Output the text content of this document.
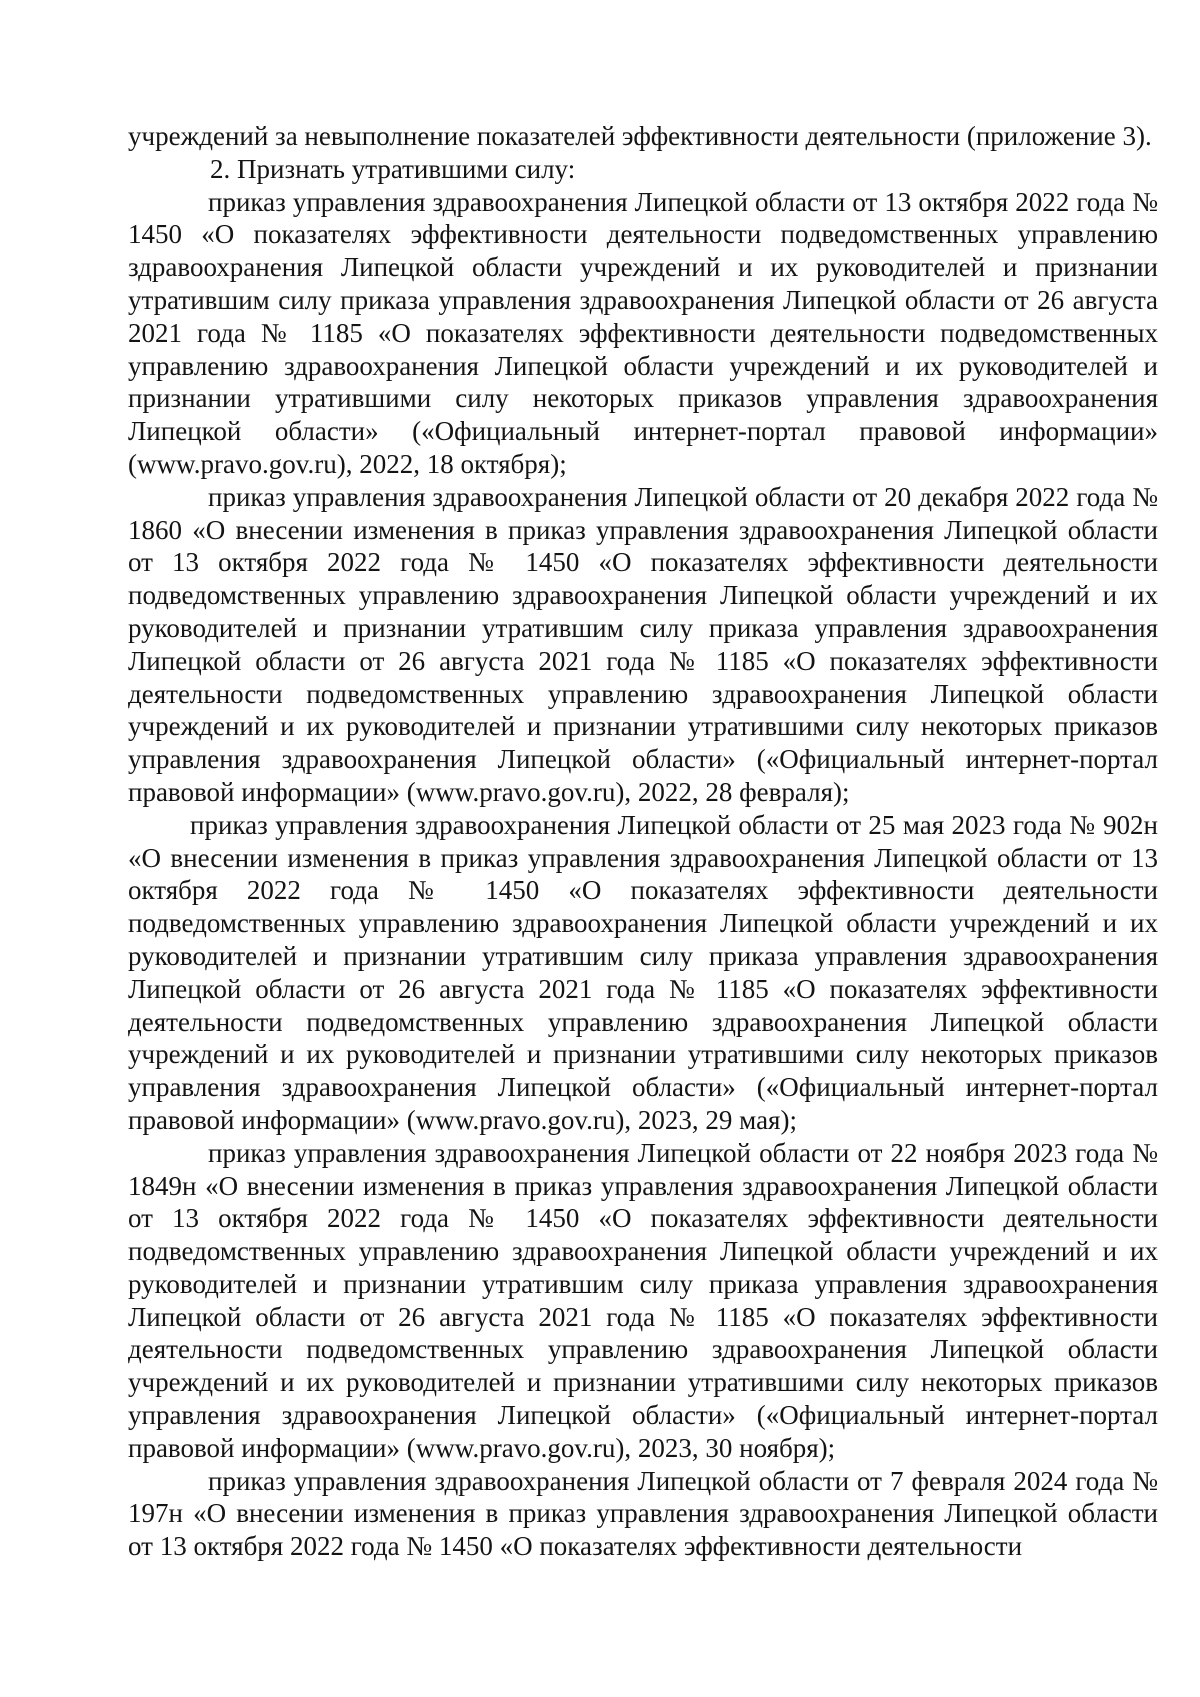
учреждений за невыполнение показателей эффективности деятельности (приложение 3).

2. Признать утратившими силу:

приказ управления здравоохранения Липецкой области от 13 октября 2022 года № 1450 «О показателях эффективности деятельности подведомственных управлению здравоохранения Липецкой области учреждений и их руководителей и признании утратившим силу приказа управления здравоохранения Липецкой области от 26 августа 2021 года № 1185 «О показателях эффективности деятельности подведомственных управлению здравоохранения Липецкой области учреждений и их руководителей и признании утратившими силу некоторых приказов управления здравоохранения Липецкой области» («Официальный интернет-портал правовой информации» (www.pravo.gov.ru), 2022, 18 октября);

приказ управления здравоохранения Липецкой области от 20 декабря 2022 года № 1860 «О внесении изменения в приказ управления здравоохранения Липецкой области от 13 октября 2022 года № 1450 «О показателях эффективности деятельности подведомственных управлению здравоохранения Липецкой области учреждений и их руководителей и признании утратившим силу приказа управления здравоохранения Липецкой области от 26 августа 2021 года № 1185 «О показателях эффективности деятельности подведомственных управлению здравоохранения Липецкой области учреждений и их руководителей и признании утратившими силу некоторых приказов управления здравоохранения Липецкой области» («Официальный интернет-портал правовой информации» (www.pravo.gov.ru), 2022, 28 февраля);

приказ управления здравоохранения Липецкой области от 25 мая 2023 года № 902н «О внесении изменения в приказ управления здравоохранения Липецкой области от 13 октября 2022 года № 1450 «О показателях эффективности деятельности подведомственных управлению здравоохранения Липецкой области учреждений и их руководителей и признании утратившим силу приказа управления здравоохранения Липецкой области от 26 августа 2021 года № 1185 «О показателях эффективности деятельности подведомственных управлению здравоохранения Липецкой области учреждений и их руководителей и признании утратившими силу некоторых приказов управления здравоохранения Липецкой области» («Официальный интернет-портал правовой информации» (www.pravo.gov.ru), 2023, 29 мая);

приказ управления здравоохранения Липецкой области от 22 ноября 2023 года № 1849н «О внесении изменения в приказ управления здравоохранения Липецкой области от 13 октября 2022 года № 1450 «О показателях эффективности деятельности подведомственных управлению здравоохранения Липецкой области учреждений и их руководителей и признании утратившим силу приказа управления здравоохранения Липецкой области от 26 августа 2021 года № 1185 «О показателях эффективности деятельности подведомственных управлению здравоохранения Липецкой области учреждений и их руководителей и признании утратившими силу некоторых приказов управления здравоохранения Липецкой области» («Официальный интернет-портал правовой информации» (www.pravo.gov.ru), 2023, 30 ноября);

приказ управления здравоохранения Липецкой области от 7 февраля 2024 года № 197н «О внесении изменения в приказ управления здравоохранения Липецкой области от 13 октября 2022 года № 1450 «О показателях эффективности деятельности
